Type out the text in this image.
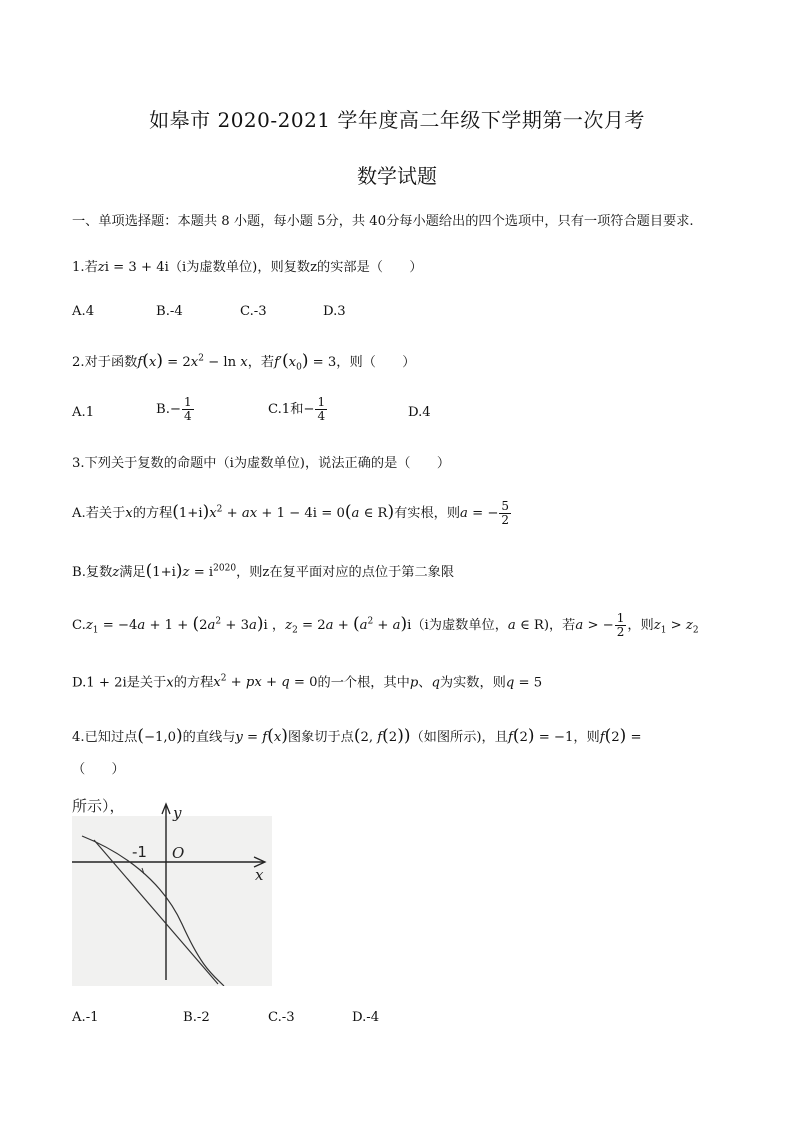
如皋市 2020-2021 学年度高二年级下学期第一次月考
数学试题
一、单项选择题：本题共 8 小题，每小题 5分，共 40分每小题给出的四个选项中，只有一项符合题目要求.
1.若zi = 3 + 4i（i为虚数单位)，则复数z的实部是（　　）
A.4	B.-4	C.-3	D.3
2.对于函数$f(x) = 2x^2 - \ln x$，若$f'(x_0) = 3$，则（　　）
A.1	$B.- \frac{1}{4}$	C.1和− $\frac{1}{4}$	D.4
3.下列关于复数的命题中（i为虚数单位)，说法正确的是（　　）
A.若关于x的方程$(1+i)x^2$ + ax + 1 − 4i = 0(a ∈ R)有实根，则a = − $\frac{5}{2}$
B.复数z满足$(1+i)z = i^{2020}$，则z在复平面对应的点位于第二象限
$C.z_1 = -4a + 1 + (2a^2 + 3a)i$ ，$z_2 = 2a + (a^2 + a)i(i$为虚数单位，a ∈ R)，若a > − $\frac{1}{2}$ ，则$z_1 > z_2$
D.1 + 2i是关于x的方程$x^2$ + px + q = 0的一个根，其中p、q为实数，则q = 5
4.已知过点(−1,0)的直线与y = f(x)图象切于点(2, f(2))（如图所示)，且f(2) = −1，则f(2) =
（　　）
所示），	y
x
O
-1
A.-1	B.-2	C.-3	D.-4
